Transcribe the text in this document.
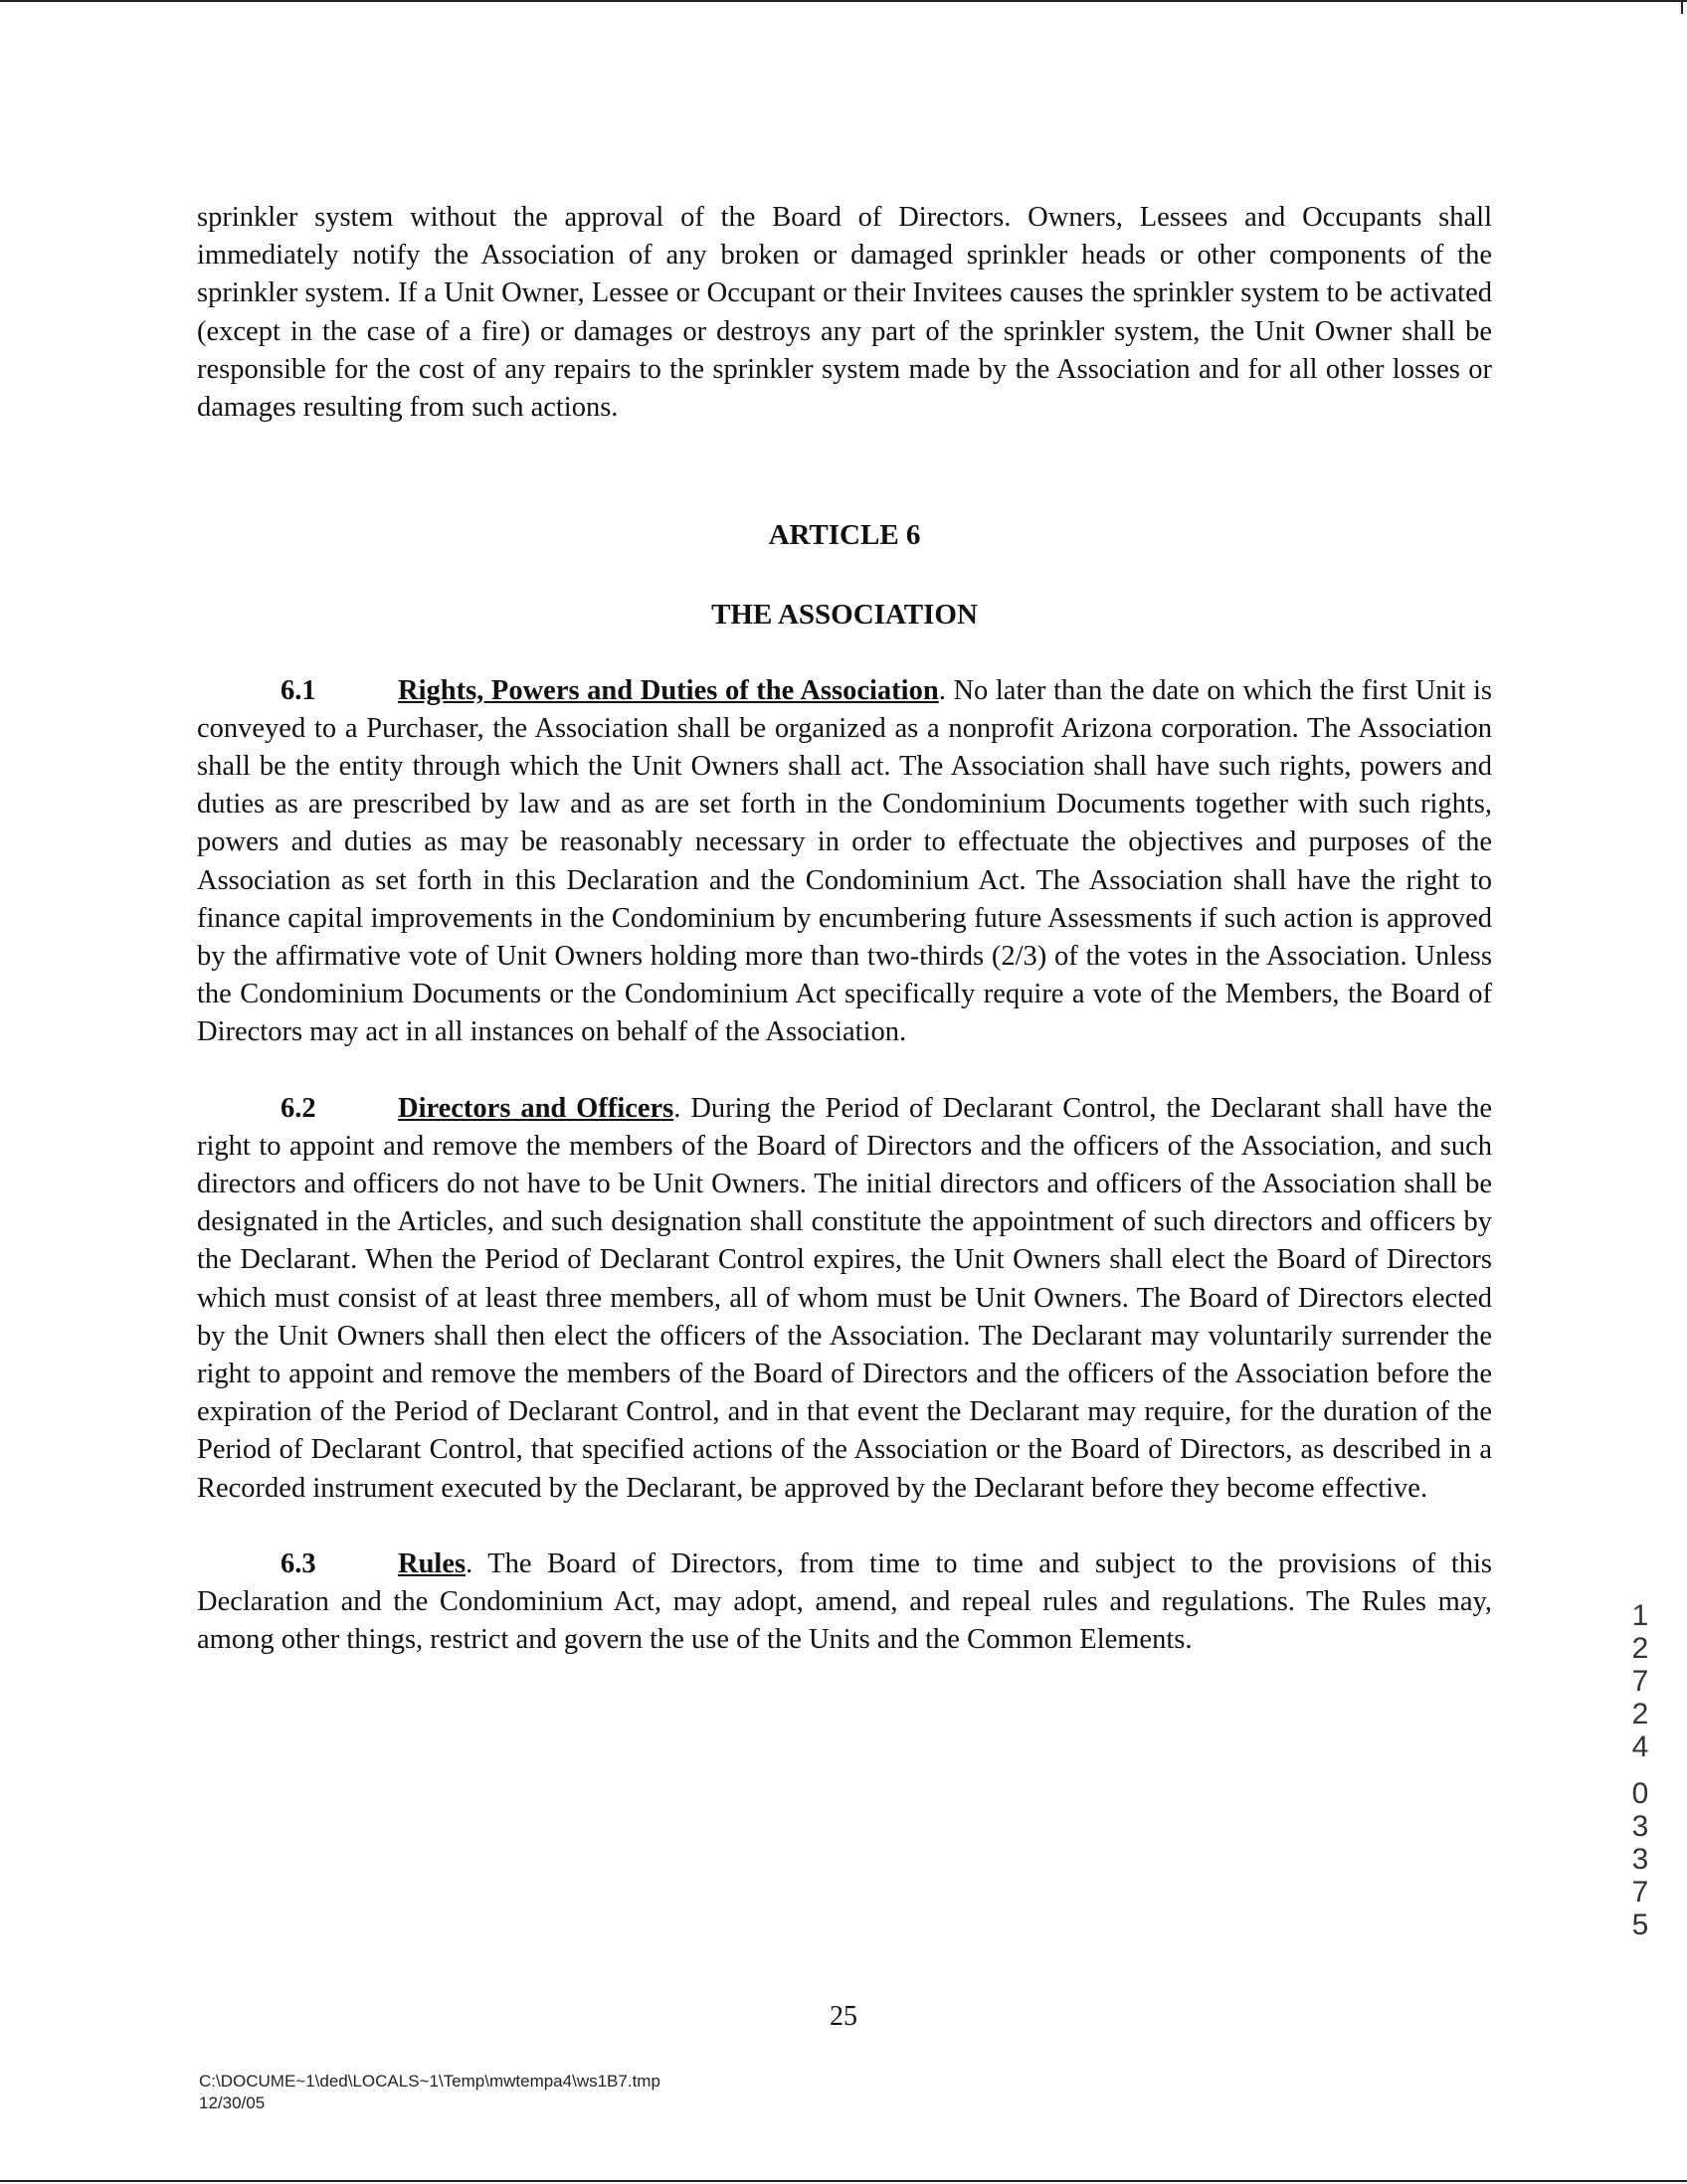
sprinkler system without the approval of the Board of Directors. Owners, Lessees and Occupants shall immediately notify the Association of any broken or damaged sprinkler heads or other components of the sprinkler system. If a Unit Owner, Lessee or Occupant or their Invitees causes the sprinkler system to be activated (except in the case of a fire) or damages or destroys any part of the sprinkler system, the Unit Owner shall be responsible for the cost of any repairs to the sprinkler system made by the Association and for all other losses or damages resulting from such actions.

ARTICLE 6

THE ASSOCIATION

6.1	Rights, Powers and Duties of the Association. No later than the date on which the first Unit is conveyed to a Purchaser, the Association shall be organized as a nonprofit Arizona corporation. The Association shall be the entity through which the Unit Owners shall act. The Association shall have such rights, powers and duties as are prescribed by law and as are set forth in the Condominium Documents together with such rights, powers and duties as may be reasonably necessary in order to effectuate the objectives and purposes of the Association as set forth in this Declaration and the Condominium Act. The Association shall have the right to finance capital improvements in the Condominium by encumbering future Assessments if such action is approved by the affirmative vote of Unit Owners holding more than two-thirds (2/3) of the votes in the Association. Unless the Condominium Documents or the Condominium Act specifically require a vote of the Members, the Board of Directors may act in all instances on behalf of the Association.

6.2	Directors and Officers. During the Period of Declarant Control, the Declarant shall have the right to appoint and remove the members of the Board of Directors and the officers of the Association, and such directors and officers do not have to be Unit Owners. The initial directors and officers of the Association shall be designated in the Articles, and such designation shall constitute the appointment of such directors and officers by the Declarant. When the Period of Declarant Control expires, the Unit Owners shall elect the Board of Directors which must consist of at least three members, all of whom must be Unit Owners. The Board of Directors elected by the Unit Owners shall then elect the officers of the Association. The Declarant may voluntarily surrender the right to appoint and remove the members of the Board of Directors and the officers of the Association before the expiration of the Period of Declarant Control, and in that event the Declarant may require, for the duration of the Period of Declarant Control, that specified actions of the Association or the Board of Directors, as described in a Recorded instrument executed by the Declarant, be approved by the Declarant before they become effective.

6.3	Rules. The Board of Directors, from time to time and subject to the provisions of this Declaration and the Condominium Act, may adopt, amend, and repeal rules and regulations. The Rules may, among other things, restrict and govern the use of the Units and the Common Elements.

25
C:\DOCUME~1\ded\LOCALS~1\Temp\mwtempa4\ws1B7.tmp
12/30/05
1
2
7
2
4
0
3
3
7
5
